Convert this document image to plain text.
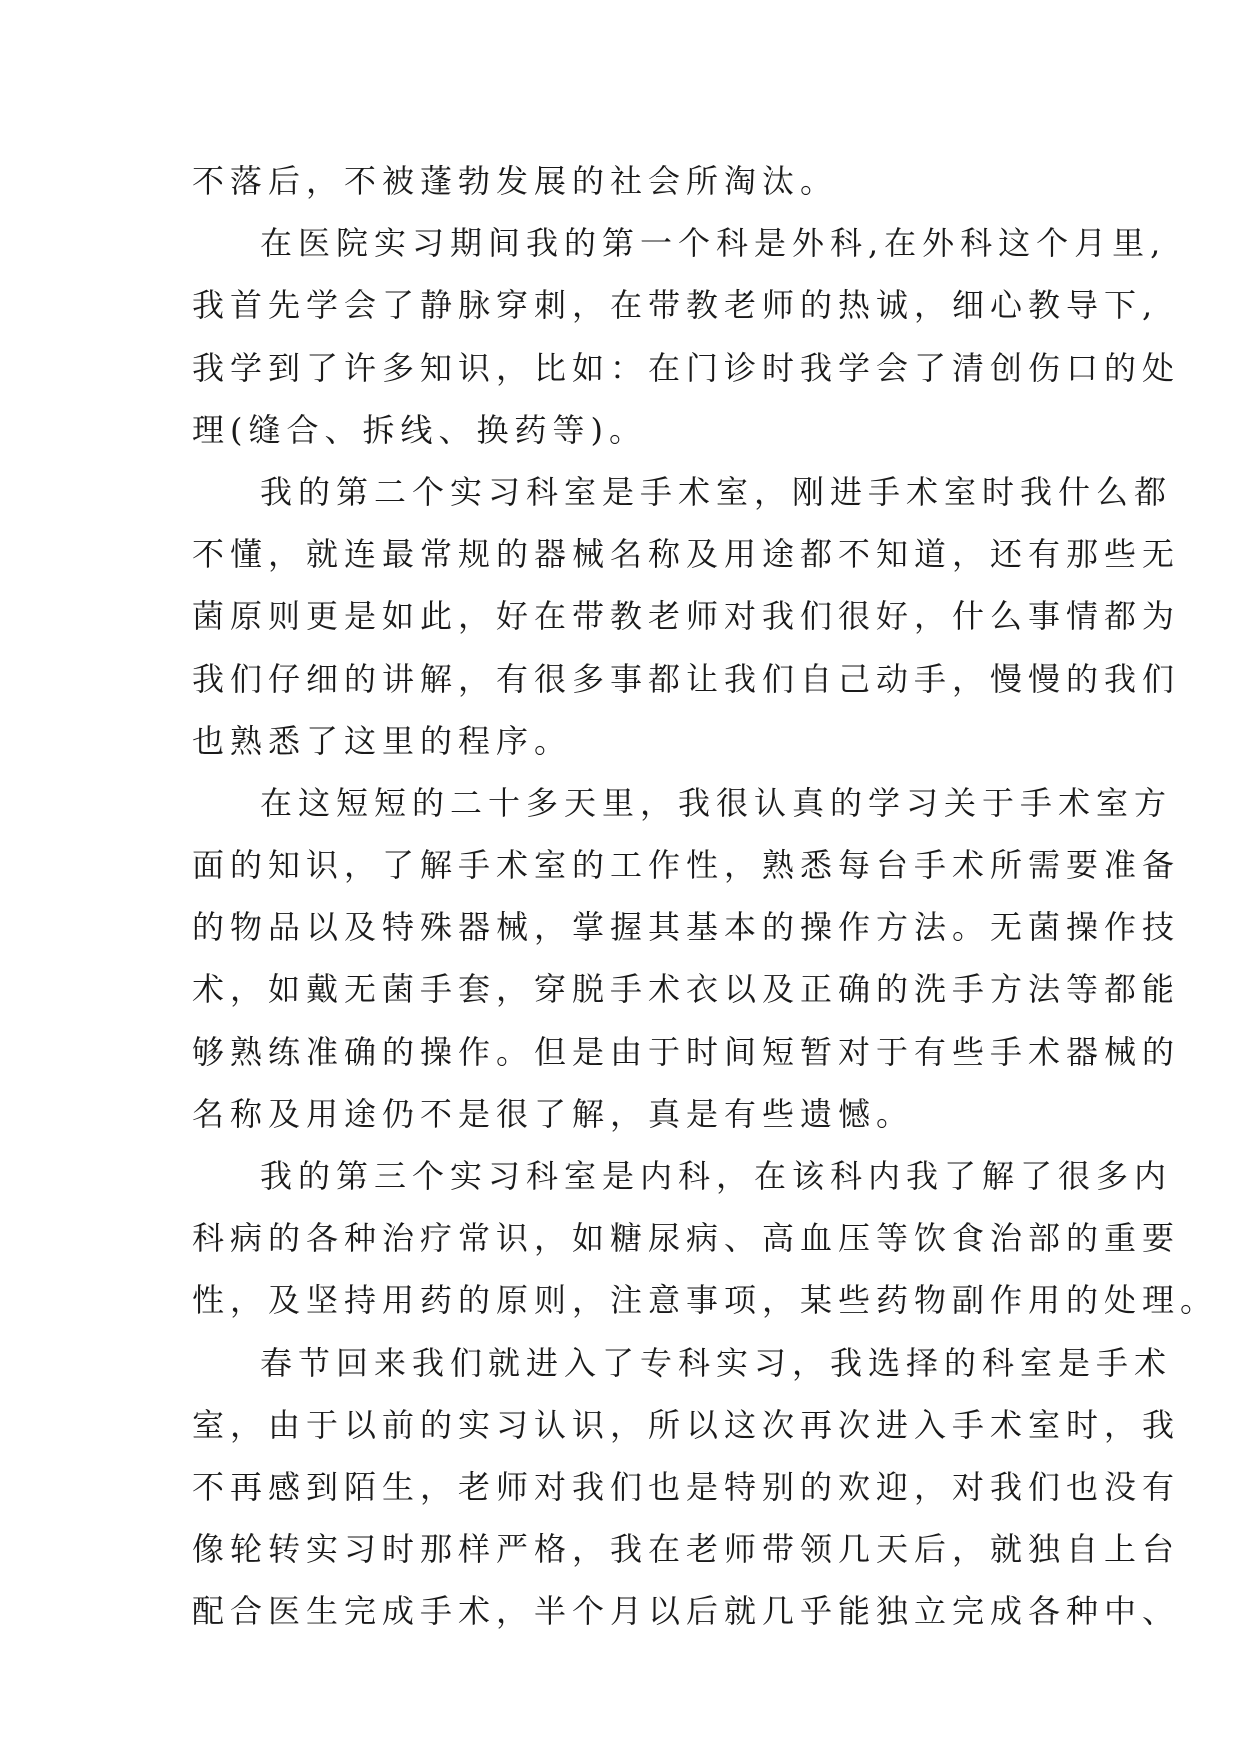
不落后，不被蓬勃发展的社会所淘汰。
在医院实习期间我的第一个科是外科,在外科这个月里,
我首先学会了静脉穿刺，在带教老师的热诚，细心教导下,
我学到了许多知识，比如：在门诊时我学会了清创伤口的处
理(缝合、拆线、换药等)。
我的第二个实习科室是手术室，刚进手术室时我什么都
不懂，就连最常规的器械名称及用途都不知道，还有那些无
菌原则更是如此，好在带教老师对我们很好，什么事情都为
我们仔细的讲解，有很多事都让我们自己动手，慢慢的我们
也熟悉了这里的程序。
在这短短的二十多天里，我很认真的学习关于手术室方
面的知识，了解手术室的工作性，熟悉每台手术所需要准备
的物品以及特殊器械，掌握其基本的操作方法。无菌操作技
术，如戴无菌手套，穿脱手术衣以及正确的洗手方法等都能
够熟练准确的操作。但是由于时间短暂对于有些手术器械的
名称及用途仍不是很了解，真是有些遗憾。
我的第三个实习科室是内科，在该科内我了解了很多内
科病的各种治疗常识，如糖尿病、高血压等饮食治部的重要
性，及坚持用药的原则，注意事项，某些药物副作用的处理。
春节回来我们就进入了专科实习，我选择的科室是手术
室，由于以前的实习认识，所以这次再次进入手术室时，我
不再感到陌生，老师对我们也是特别的欢迎，对我们也没有
像轮转实习时那样严格，我在老师带领几天后，就独自上台
配合医生完成手术，半个月以后就几乎能独立完成各种中、
